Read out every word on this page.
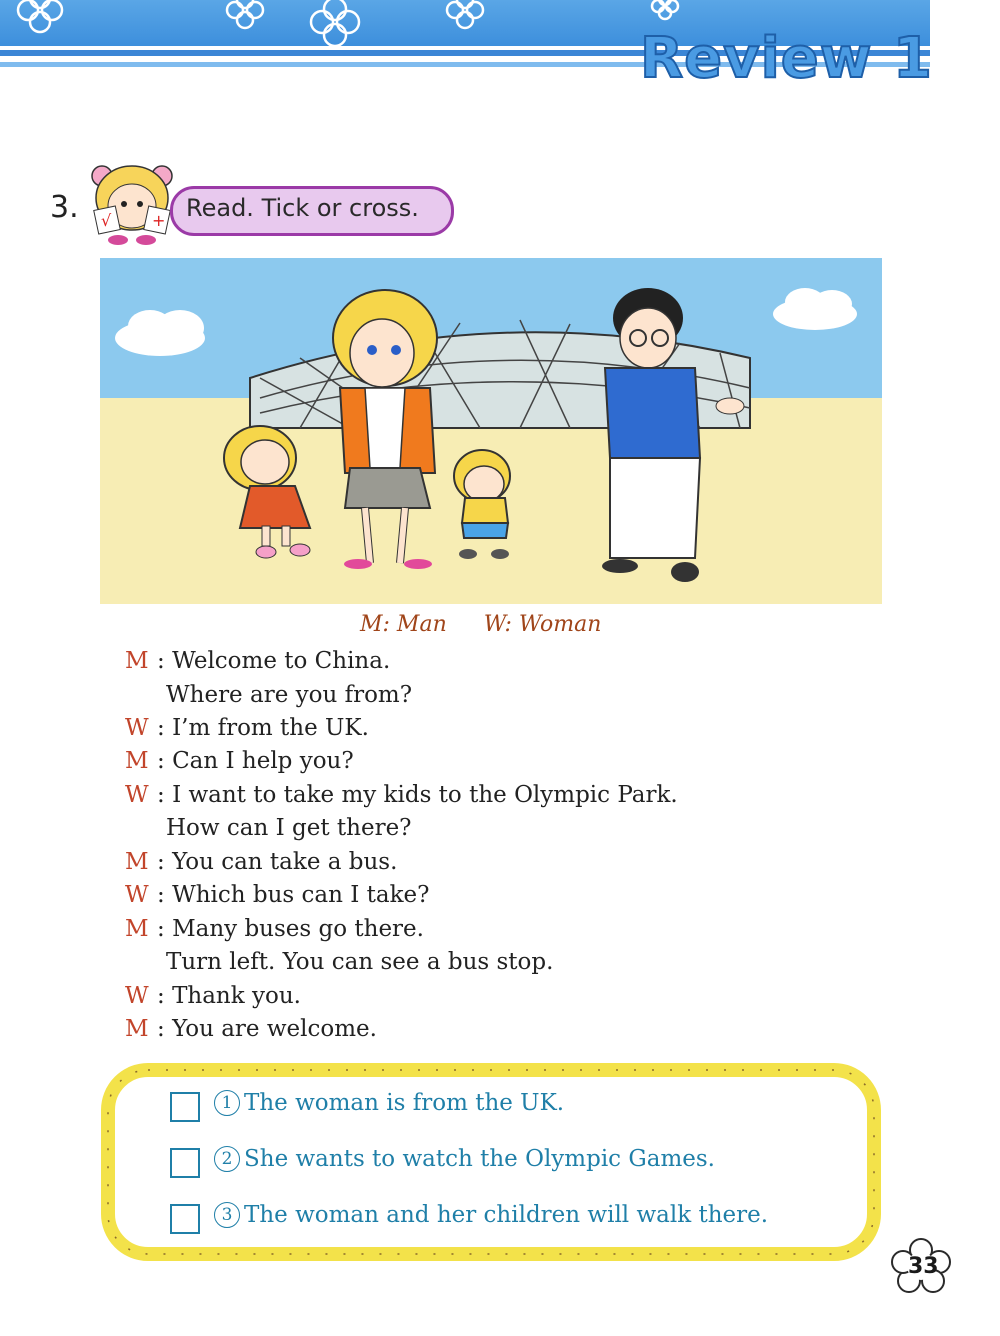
Review 1
3. √	+ Read. Tick or cross.
M: Man W: Woman
M : Welcome to China.
Where are you from?
W : I’m from the UK.
M : Can I help you?
W : I want to take my kids to the Olympic Park.
How can I get there?
M : You can take a bus.
W : Which bus can I take?
M : Many buses go there.
Turn left. You can see a bus stop.
W : Thank you.
M : You are welcome.
1 The woman is from the UK.
2 She wants to watch the Olympic Games.
3 The woman and her children will walk there.
33
